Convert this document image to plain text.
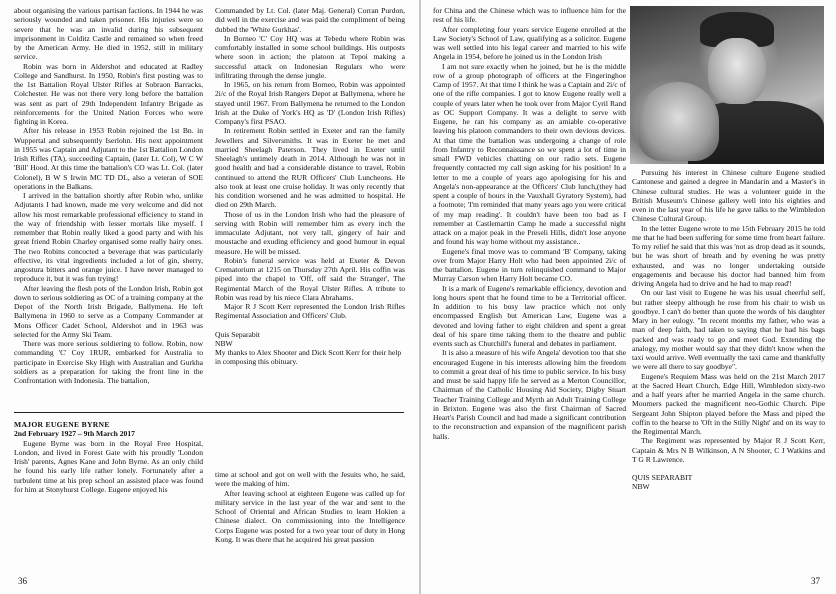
about organising the various partisan factions. In 1944 he was seriously wounded and taken prisoner. His injuries were so severe that he was an invalid during his subsequent imprisonment in Colditz Castle and remained so when freed by the American Army. He died in 1952, still in military service.

Robin was born in Aldershot and educated at Radley College and Sandhurst. In 1950, Robin's first posting was to the 1st Battalion Royal Ulster Rifles at Sobraon Barracks, Colchester. He was not there very long before the battalion was sent as part of 29th Independent Infantry Brigade as reinforcements for the United Nation Forces who were fighting in Korea.

After his release in 1953 Robin rejoined the 1st Bn. in Wuppertal and subsequently Iserlohn. His next appointment in 1955 was Captain and Adjutant to the 1st Battalion London Irish Rifles (TA), succeeding Captain, (later Lt. Col), W C W 'Bill' Hood. At this time the battalion's CO was Lt. Col. (later Colonel), B W S Irwin MC TD DL, also a veteran of SOE operations in the Balkans.

I arrived in the battalion shortly after Robin who, unlike Adjutants I had known, made me very welcome and did not allow his most remarkable professional efficiency to stand in the way of friendship with lesser mortals like myself. I remember that Robin really liked a good party and with his great friend Robin Charley organised some really hairy ones. The two Robins concocted a beverage that was particularly effective, its vital ingredients included a lot of gin, sherry, angostura bitters and orange juice. I have never managed to reproduce it, but it was fun trying!

After leaving the flesh pots of the London Irish, Robin got down to serious soldiering as OC of a training company at the Depot of the North Irish Brigade, Ballymena. He left Ballymena in 1960 to serve as a Company Commander at Mons Officer Cadet School, Aldershot and in 1963 was selected for the Army Ski Team.

There was more serious soldiering to follow. Robin, now commanding 'C' Coy 1RUR, embarked for Australia to participate in Exercise Sky High with Australian and Gurkha soldiers as a preparation for taking the front line in the Confrontation with Indonesia. The battalion,

MAJOR EUGENE BYRNE

2nd February 1927 – 9th March 2017

Eugene Byrne was born in the Royal Free Hospital, London, and lived in Forest Gate with his proudly 'London Irish' parents, Agnes Kane and John Byrne. As an only child he found his early life rather lonely. Fortunately after a turbulent time at his prep school an assisted place was found for him at Stonyhurst College. Eugene enjoyed his

Commanded by Lt. Col. (later Maj. General) Corran Purdon, did well in the exercise and was paid the compliment of being dubbed the 'White Gurkhas'.

In Borneo 'C' Coy HQ was at Tebedu where Robin was comfortably installed in some school buildings. His outposts where soon in action; the platoon at Tepoi making a successful attack on Indonesian Regulars who were infiltrating through the dense jungle.

In 1965, on his return from Borneo, Robin was appointed 2i/c of the Royal Irish Rangers Depot at Ballymena, where he stayed until 1967. From Ballymena he returned to the London Irish at the Duke of York's HQ as 'D' (London Irish Rifles) Company's first PSAO.

In retirement Robin settled in Exeter and ran the family Jewellers and Silversmiths. It was in Exeter he met and married Sheelagh Paterson. They lived in Exeter until Sheelagh's untimely death in 2014. Although he was not in good health and had a considerable distance to travel, Robin continued to attend the RUR Officers' Club Luncheons. He also took at least one cruise holiday. It was only recently that his condition worsened and he was admitted to hospital. He died on 29th March.

Those of us in the London Irish who had the pleasure of serving with Robin will remember him as every inch the immaculate Adjutant, not very tall, gingery of hair and moustache and exuding efficiency and good humour in equal measure. He will be missed.

Robin's funeral service was held at Exeter & Devon Crematorium at 1215 on Thursday 27th April. His coffin was piped into the chapel to 'Off, off said the Stranger', The Regimental March of the Royal Ulster Rifles. A tribute to Robin was read by his niece Clara Abrahams.

Major R J Scott Kerr represented the London Irish Rifles Regimental Association and Officers' Club.

Quis Separabit

NBW

My thanks to Alex Shooter and Dick Scott Kerr for their help in composing this obituary.

time at school and got on well with the Jesuits who, he said, were the making of him.

After leaving school at eighteen Eugene was called up for military service in the last year of the war and sent to the School of Oriental and African Studies to learn Hokien a Chinese dialect. On commissioning into the Intelligence Corps Eugene was posted for a two year tour of duty in Hong Kong. It was there that he acquired his great passion

36

for China and the Chinese which was to influence him for the rest of his life.

After completing four years service Eugene enrolled at the Law Society's School of Law, qualifying as a solicitor. Eugene was well settled into his legal career and married to his wife Angela in 1954, before he joined us in the London Irish

I am not sure exactly when he joined, but he is the middle row of a group photograph of officers at the Fingeringhoe Camp of 1957. At that time I think he was a Captain and 2i/c of one of the rifle companies. I got to know Eugene really well a couple of years later when he took over from Major Cyril Rand as OC Support Company. It was a delight to serve with Eugene, he ran his company as an amiable co-operative leaving his platoon commanders to their own devious devices. At that time the battalion was undergoing a change of role from Infantry to Reconnaissance so we spent a lot of time in small FWD vehicles chatting on our radio sets. Eugene frequently contacted my call sign asking for his position! In a letter to me a couple of years ago apologising for his and Angela's non-appearance at the Officers' Club lunch,(they had spent a couple of hours in the Vauxhall Gyratory System), had a footnote; 'I'm reminded that many years ago you were critical of my map reading'. It couldn't have been too bad as I remember at Castlemartin Camp he made a successful night attack on a major peak in the Preseli Hills, didn't lose anyone and found his way home without my assistance..

Eugene's final move was to command 'B' Company, taking over from Major Harry Holt who had been appointed 2i/c of the battalion. Eugene in turn relinquished command to Major Murray Carson when Harry Holt became CO.

It is a mark of Eugene's remarkable efficiency, devotion and long hours spent that he found time to be a Territorial officer. In addition to his busy law practice which not only encompassed English but American Law, Eugene was a devoted and loving father to eight children and spent a great deal of his spare time taking them to the theatre and public events such as Churchill's funeral and debates in parliament.

It is also a measure of his wife Angela' devotion too that she encouraged Eugene in his interests allowing him the freedom to commit a great deal of his time to public service. In his busy and must be said happy life he served as a Merton Councillor, Chairman of the Catholic Housing Aid Society, Digby Stuart Teacher Training College and Myrth an Adult Training College in Brixton. Eugene was also the first Chairman of Sacred Heart's Parish Council and had made a significant contribution to the reconstruction and expansion of the magnificent parish halls.

Pursuing his interest in Chinese culture Eugene studied Cantonese and gained a degree in Mandarin and a Master's in Chinese cultural studies. He was a volunteer guide in the British Museum's Chinese gallery well into his eighties and even in the last year of his life he gave talks to the Wimbledon Chinese Cultural Group.

In the letter Eugene wrote to me 15th February 2015 he told me that he had been suffering for some time from heart failure. To my relief he said that this was 'not as drop dead as it sounds, but he was short of breath and by evening he was pretty exhausted, and was no longer undertaking outside engagements and because his doctor had banned him from driving Angela had to drive and he had to map read'!

On our last visit to Eugene he was his usual cheerful self, but rather sleepy although he rose from his chair to wish us goodbye. I can't do better than quote the words of his daughter Mary in her eulogy. "In recent months my father, who was a man of deep faith, had taken to saying that he had his bags packed and was ready to go and meet God. Extending the analogy, my mother would say that they didn't know when the taxi would arrive. Well eventually the taxi came and thankfully we were all there to say goodbye".

Eugene's Requiem Mass was held on the 21st March 2017 at the Sacred Heart Church, Edge Hill, Wimbledon sixty-two and a half years after he married Angela in the same church. Mourners packed the magnificent neo-Gothic Church. Pipe Sergeant John Shipton played before the Mass and piped the coffin to the hearse to 'Oft in the Stilly Night' and on its way to the Regimental March.

The Regiment was represented by Major R J Scott Kerr, Captain & Mrs N B Wilkinson, A N Shooter, C J Watkins and T G R Lawrence.

QUIS SEPARABIT

NBW

37
